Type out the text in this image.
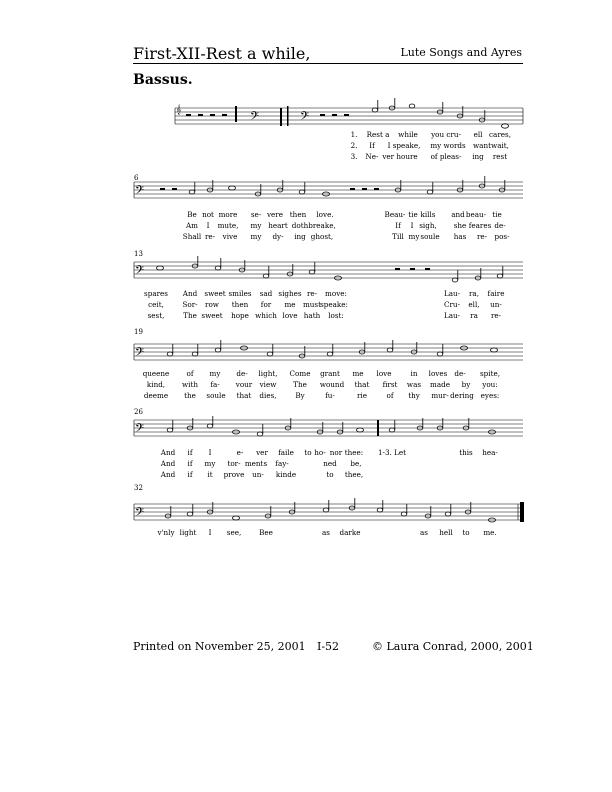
First-XII-Rest a while,	Lute Songs and Ayres
Bassus.
𝄞	𝄢	𝄢
𝄢
𝄢
𝄢
𝄢
𝄢
1. Rest a while you cru- ell cares,
2. If I speake, my words want wait,
3. Ne- ver houre of pleas- ing rest
6
Be not more se- vere then love.	Beau- tie kills and beau- tie
Am I mute, my heart doth breake,	If I sigh, she feares de-
Shall re- vive my dy- ing ghost,	Till my soule has re- pos-
13
spares And sweet smiles sad sighes re- move:	Lau- ra, faire
ceit,	Sor- row then for me must speake:	Cru- ell, un-
sest,	The sweet hope which love hath lost:	Lau- ra re-
19
queene of my de- light, Come grant me love	in loves de- spite,
kind, with fa- vour view The wound that first was made by you:
deeme the soule that dies,	By	fu-	rie	of thy mur- dering eyes:
26
And if I	e- ver faile to ho- nor thee: 1-3. Let	this hea-
And if my tor- ments fay-	ned be,
And if it prove un- kinde	to thee,
32
v'nly light I see, Bee	as darke	as hell to me.
Printed on November 25, 2001 I-52	© Laura Conrad, 2000, 2001
